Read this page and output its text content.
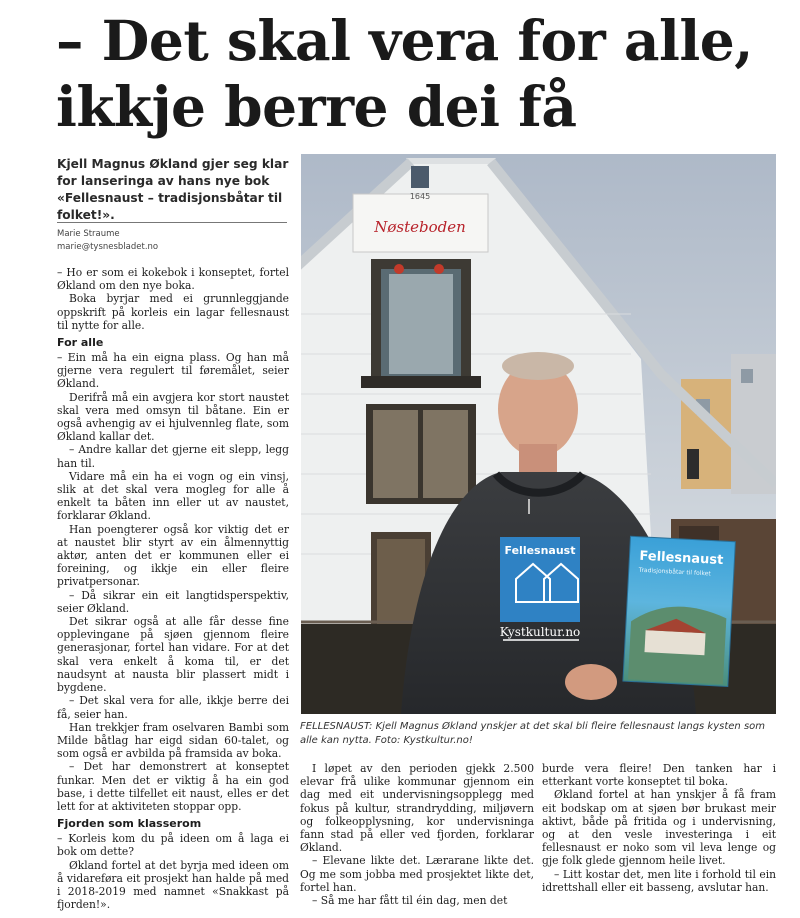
– Det skal vera for alle,
ikkje berre dei få

Kjell Magnus Økland gjer seg klar for lanseringa av hans nye bok «Fellesnaust – tradisjonsbåtar til folket!».

Marie Straume
marie@tysnesbladet.no

– Ho er som ei kokebok i konseptet, fortel Økland om den nye boka.

Boka byrjar med ei grunnleggjande oppskrift på korleis ein lagar fellesnaust til nytte for alle.

For alle

– Ein må ha ein eigna plass. Og han må gjerne vera regulert til føremålet, seier Økland.

Derifrå må ein avgjera kor stort naustet skal vera med omsyn til båtane. Ein er også avhengig av ei hjulvennleg flate, som Økland kallar det.

– Andre kallar det gjerne eit slepp, legg han til.

Vidare må ein ha ei vogn og ein vinsj, slik at det skal vera mogleg for alle å enkelt ta båten inn eller ut av naustet, forklarar Økland.

Han poengterer også kor viktig det er at naustet blir styrt av ein ålmennyttig aktør, anten det er kommunen eller ei foreining, og ikkje ein eller fleire privatpersonar.

– Då sikrar ein eit langtidsperspektiv, seier Økland.

Det sikrar også at alle får desse fine opplevingane på sjøen gjennom fleire generasjonar, fortel han vidare. For at det skal vera enkelt å koma til, er det naudsynt at nausta blir plassert midt i bygdene.

– Det skal vera for alle, ikkje berre dei få, seier han.

Han trekkjer fram oselvaren Bambi som Milde båtlag har eigd sidan 60-talet, og som også er avbilda på framsida av boka.

– Det har demonstrert at konseptet funkar. Men det er viktig å ha ein god base, i dette tilfellet eit naust, elles er det lett for at aktiviteten stoppar opp.

Fjorden som klasserom

– Korleis kom du på ideen om å laga ei bok om dette?

Økland fortel at det byrja med ideen om å vidareføra eit prosjekt han halde på med i 2018-2019 med namnet «Snakkast på fjorden!».

Nøsteboden
1645
Fellesnaust
Kystkultur.no
Fellesnaust
Tradisjonsbåtar til folket
FELLESNAUST: Kjell Magnus Økland ynskjer at det skal bli fleire fellesnaust langs kysten som alle kan nytta. Foto: Kystkultur.no!

I løpet av den perioden gjekk 2.500 elevar frå ulike kommunar gjennom ein dag med eit undervisningsopplegg med fokus på kultur, strandrydding, miljøvern og folkeopplysning, kor undervisninga fann stad på eller ved fjorden, forklarar Økland.

– Elevane likte det. Lærarane likte det. Og me som jobba med prosjektet likte det, fortel han.

– Så me har fått til éin dag, men det

burde vera fleire! Den tanken har i etterkant vorte konseptet til boka.

Økland fortel at han ynskjer å få fram eit bodskap om at sjøen bør brukast meir aktivt, både på fritida og i undervisning, og at den vesle investeringa i eit fellesnaust er noko som vil leva lenge og gje folk glede gjennom heile livet.

– Litt kostar det, men lite i forhold til ein idrettshall eller eit basseng, avslutar han.
